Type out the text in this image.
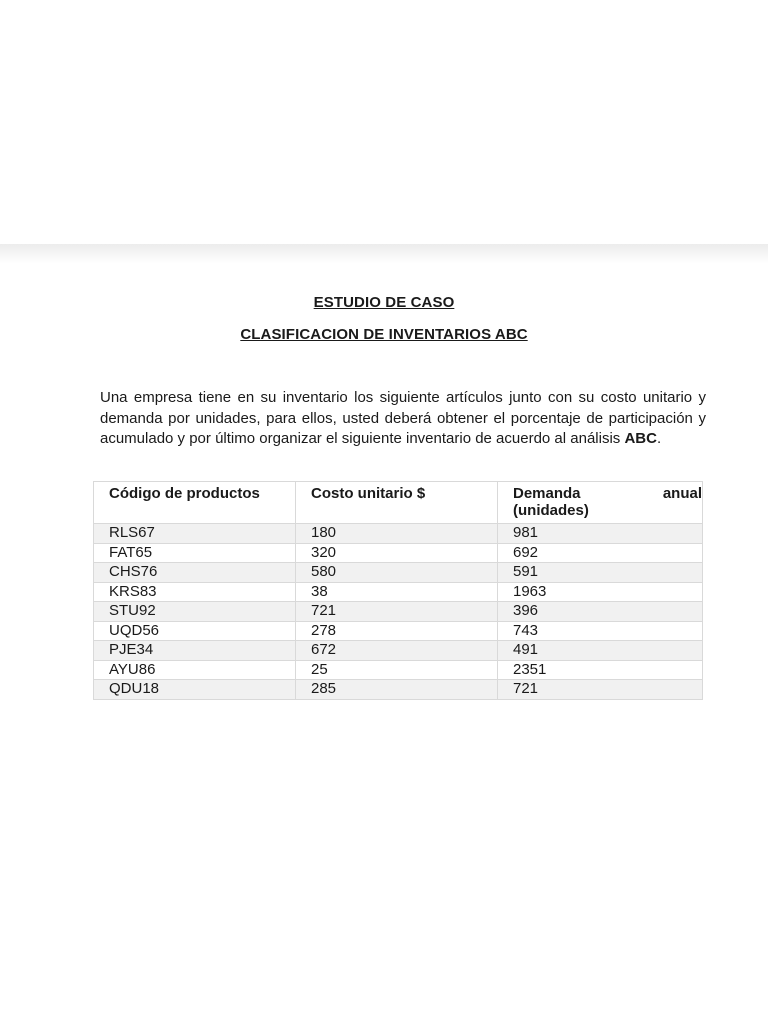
ESTUDIO DE CASO
CLASIFICACION DE INVENTARIOS ABC

Una empresa tiene en su inventario los siguiente artículos junto con su costo unitario y demanda por unidades, para ellos, usted deberá obtener el porcentaje de participación y acumulado y por último organizar el siguiente inventario de acuerdo al análisis ABC.

Código de productos	Costo unitario $	Demanda anual
(unidades)

RLS67	180	981
FAT65	320	692
CHS76	580	591
KRS83	38	1963
STU92	721	396
UQD56	278	743
PJE34	672	491
AYU86	25	2351
QDU18	285	721
